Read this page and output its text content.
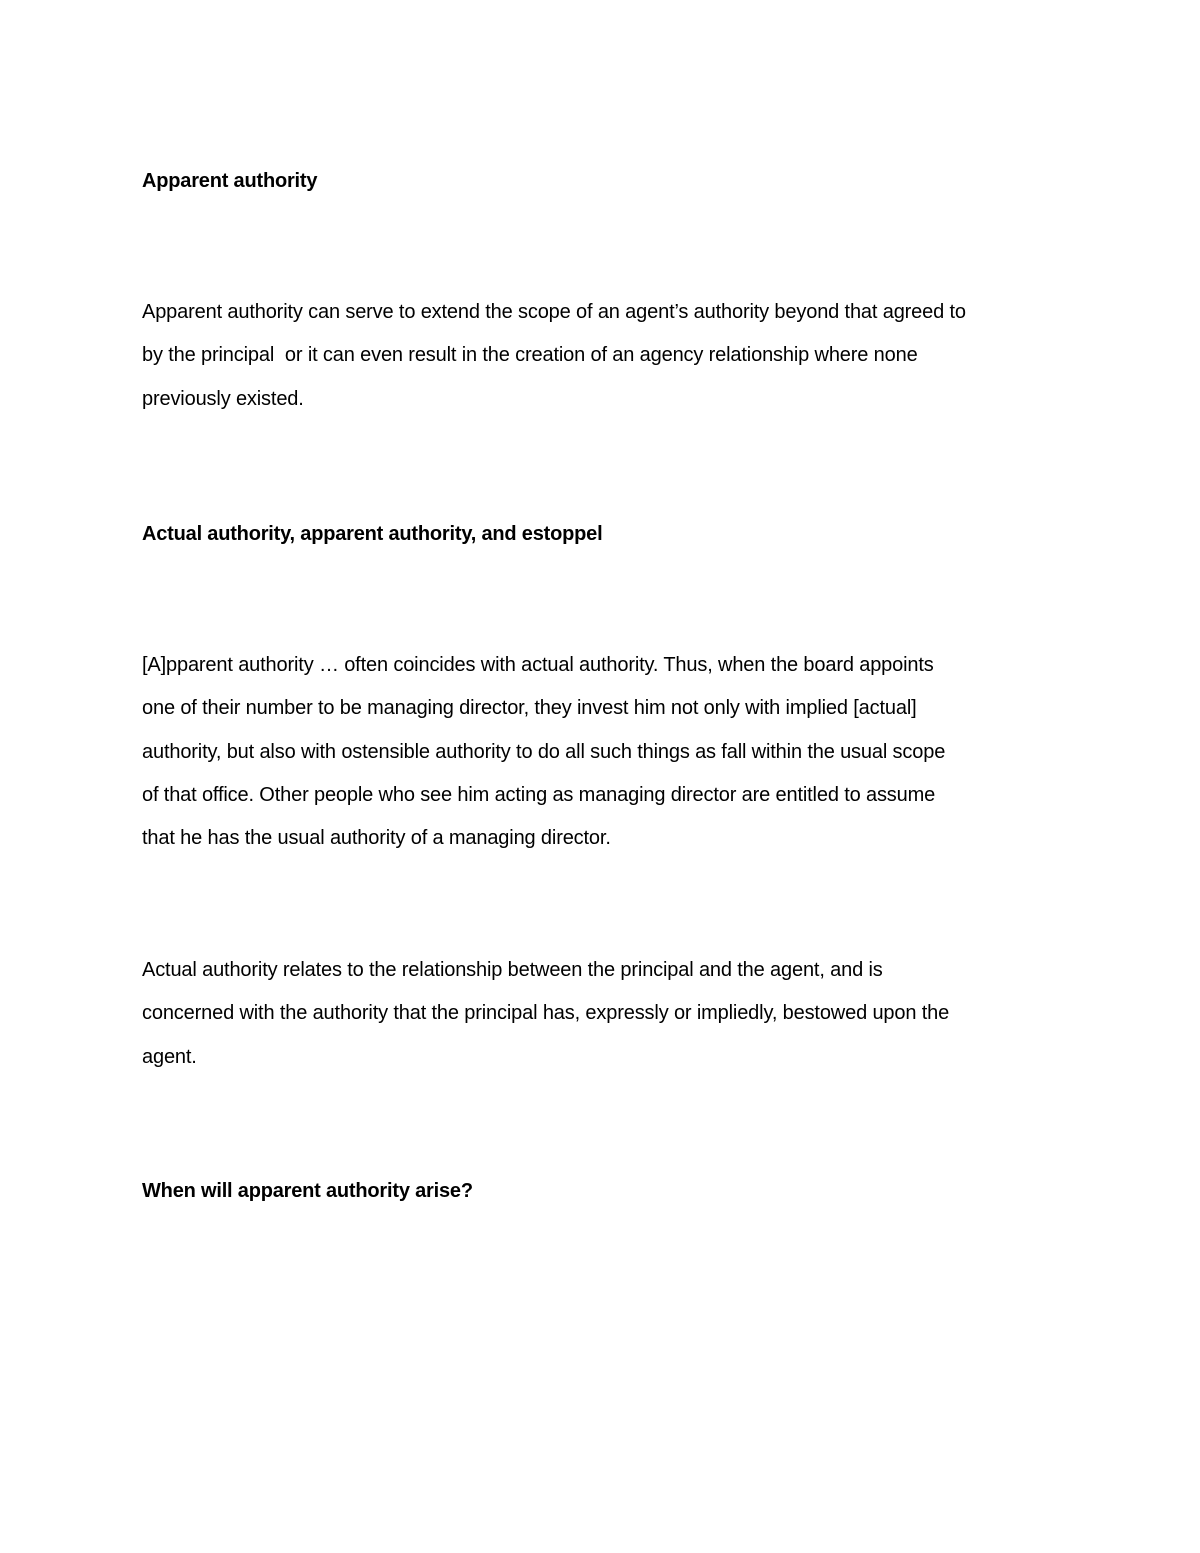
Apparent authority
Apparent authority can serve to extend the scope of an agent’s authority beyond that agreed to
by the principal  or it can even result in the creation of an agency relationship where none
previously existed.
Actual authority, apparent authority, and estoppel
[A]pparent authority … often coincides with actual authority. Thus, when the board appoints
one of their number to be managing director, they invest him not only with implied [actual]
authority, but also with ostensible authority to do all such things as fall within the usual scope
of that office. Other people who see him acting as managing director are entitled to assume
that he has the usual authority of a managing director.
Actual authority relates to the relationship between the principal and the agent, and is
concerned with the authority that the principal has, expressly or impliedly, bestowed upon the
agent.
When will apparent authority arise?
